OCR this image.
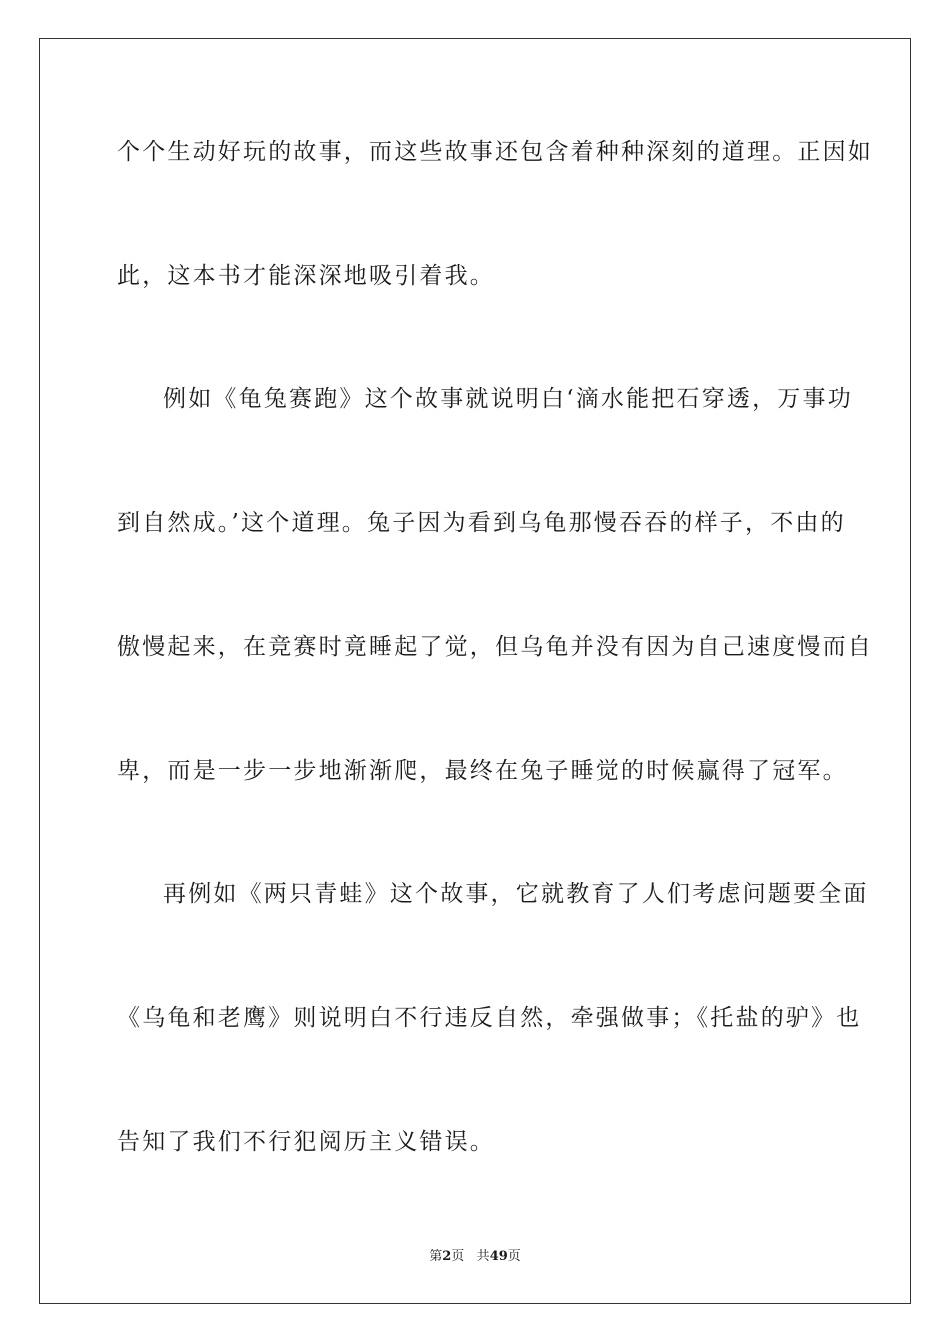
个个生动好玩的故事，而这些故事还包含着种种深刻的道理。正因如
此，这本书才能深深地吸引着我。
例如《龟兔赛跑》这个故事就说明白‘滴水能把石穿透，万事功
到自然成。’这个道理。兔子因为看到乌龟那慢吞吞的样子，不由的
傲慢起来，在竞赛时竟睡起了觉，但乌龟并没有因为自己速度慢而自
卑，而是一步一步地渐渐爬，最终在兔子睡觉的时候赢得了冠军。
再例如《两只青蛙》这个故事，它就教育了人们考虑问题要全面
《乌龟和老鹰》则说明白不行违反自然，牵强做事；《托盐的驴》也
告知了我们不行犯阅历主义错误。
第2页 共49页
